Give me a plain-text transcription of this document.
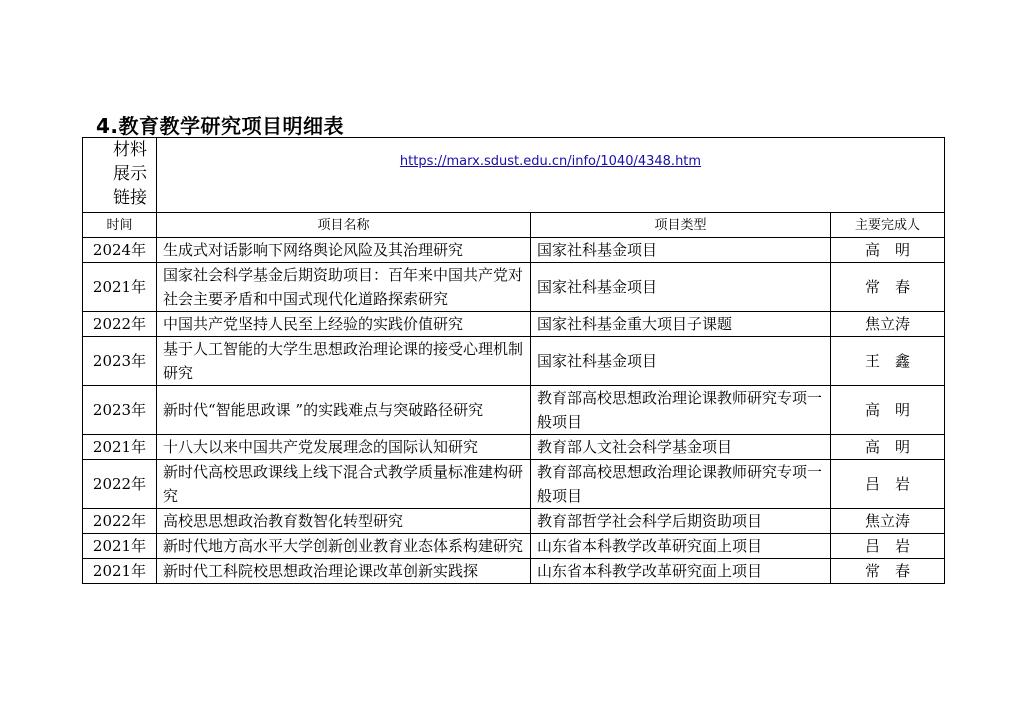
4.教育教学研究项目明细表
材料展示链接	https://marx.sdust.edu.cn/info/1040/4348.htm		
时间	项目名称	项目类型	主要完成人
2024年	生成式对话影响下网络舆论风险及其治理研究	国家社科基金项目	高　明
2021年	国家社会科学基金后期资助项目：百年来中国共产党对社会主要矛盾和中国式现代化道路探索研究	国家社科基金项目	常　春
2022年	中国共产党坚持人民至上经验的实践价值研究	国家社科基金重大项目子课题	焦立涛
2023年	基于人工智能的大学生思想政治理论课的接受心理机制研究	国家社科基金项目	王　鑫
2023年	新时代“智能思政课 ”的实践难点与突破路径研究	教育部高校思想政治理论课教师研究专项一般项目	高　明
2021年	十八大以来中国共产党发展理念的国际认知研究	教育部人文社会科学基金项目	高　明
2022年	新时代高校思政课线上线下混合式教学质量标准建构研究	教育部高校思想政治理论课教师研究专项一般项目	吕　岩
2022年	高校思思想政治教育数智化转型研究	教育部哲学社会科学后期资助项目	焦立涛
2021年	新时代地方高水平大学创新创业教育业态体系构建研究	山东省本科教学改革研究面上项目	吕　岩
2021年	新时代工科院校思想政治理论课改革创新实践探	山东省本科教学改革研究面上项目	常　春
